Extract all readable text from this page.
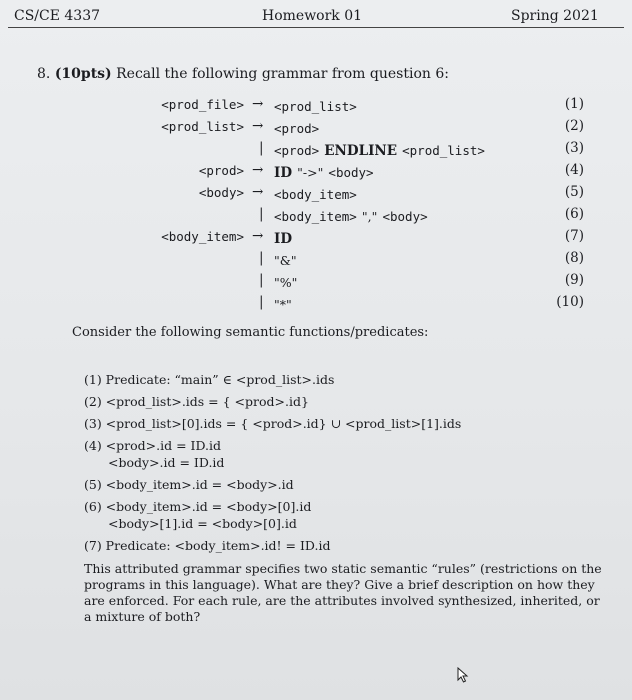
CS/CE 4337	Homework 01	Spring 2021
8. (10pts) Recall the following grammar from question 6:
<prod_file> → <prod_list>	(1)
<prod_list> → <prod>	(2)
| <prod> ENDLINE <prod_list>	(3)
<prod> → ID "->" <body>	(4)
<body> → <body_item>	(5)
| <body_item> "," <body>	(6)
<body_item> → ID	(7)
| "&"	(8)
| "%"	(9)
| "*"	(10)
Consider the following semantic functions/predicates:
(1) Predicate: “main” ∈ <prod_list>.ids
(2) <prod_list>.ids = { <prod>.id}
(3) <prod_list>[0].ids = { <prod>.id} ∪ <prod_list>[1].ids
(4) <prod>.id = ID.id
<body>.id = ID.id
(5) <body_item>.id = <body>.id
(6) <body_item>.id = <body>[0].id
<body>[1].id = <body>[0].id
(7) Predicate: <body_item>.id! = ID.id
This attributed grammar specifies two static semantic “rules” (restrictions on the programs in this language). What are they? Give a brief description on how they are enforced. For each rule, are the attributes involved synthesized, inherited, or a mixture of both?
